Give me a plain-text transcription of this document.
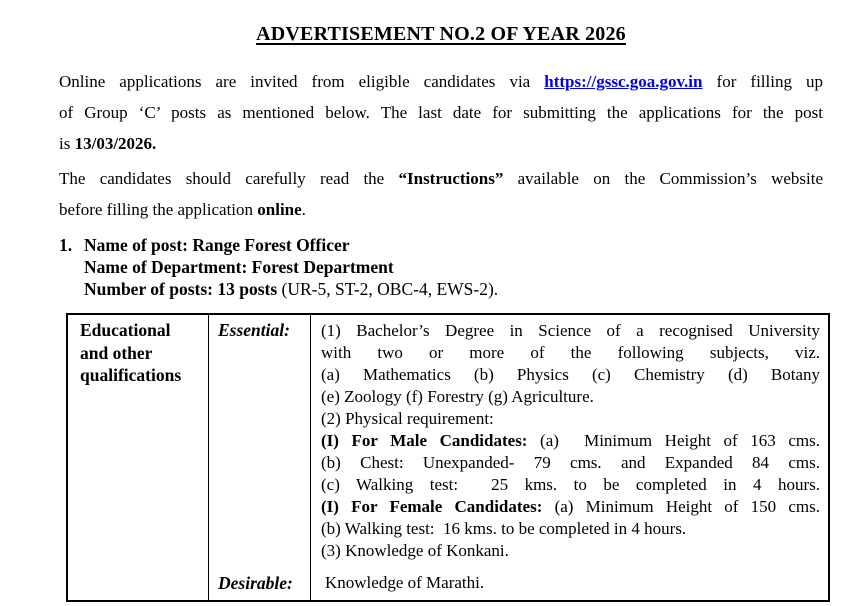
ADVERTISEMENT NO.2 OF YEAR 2026
Online applications are invited from eligible candidates via https://gssc.goa.gov.in for filling up
of Group ‘C’ posts as mentioned below. The last date for submitting the applications for the post
is 13/03/2026.
The candidates should carefully read the “Instructions” available on the Commission’s website
before filling the application online.
1. Name of post: Range Forest Officer
Name of Department: Forest Department
Number of posts: 13 posts (UR-5, ST-2, OBC-4, EWS-2).
Educational and other qualifications
Essential:	(1) Bachelor’s Degree in Science of a recognised University
with two or more of the following subjects, viz.
(a) Mathematics (b) Physics (c) Chemistry (d) Botany
(e) Zoology (f) Forestry (g) Agriculture.
(2) Physical requirement:
(I) For Male Candidates: (a)  Minimum Height of 163 cms.
(b) Chest: Unexpanded- 79 cms. and Expanded 84 cms.
(c) Walking test:  25 kms. to be completed in 4 hours.
(I) For Female Candidates: (a) Minimum Height of 150 cms.
(b) Walking test:  16 kms. to be completed in 4 hours.
(3) Knowledge of Konkani.
Desirable:	Knowledge of Marathi.
